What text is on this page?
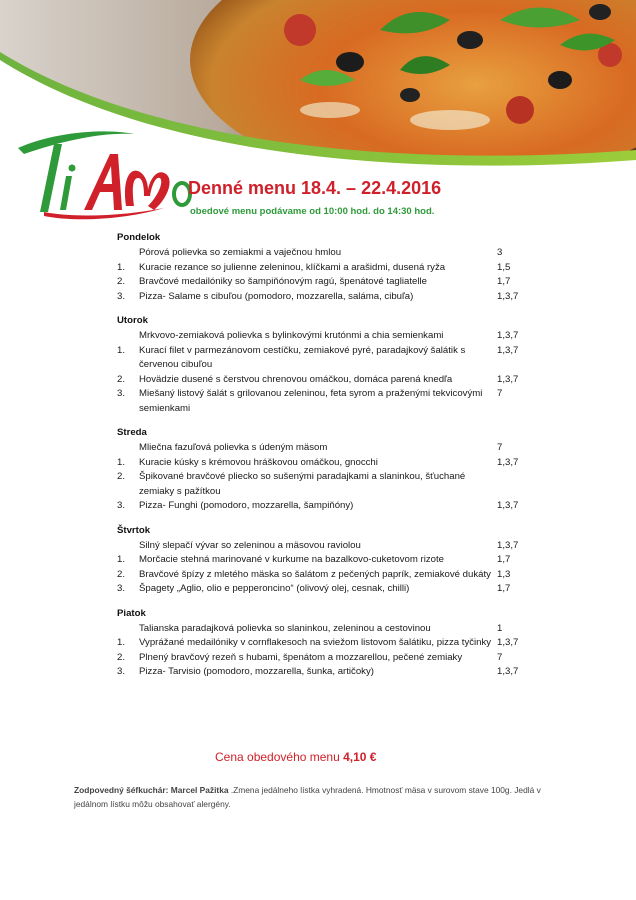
Denné menu 18.4. – 22.4.2016
obedové menu podávame od 10:00 hod. do 14:30 hod.
Pondelok
Pórová polievka so zemiakmi a vaječnou hmlou	3
1.	Kuracie rezance so julienne zeleninou, klíčkami a arašidmi, dusená ryža	1,5
2.	Bravčové medailóniky so šampiňónovým ragú, špenátové tagliatelle	1,7
3.	Pizza- Salame s cibuľou (pomodoro, mozzarella, saláma, cibuľa)	1,3,7
Utorok
Mrkvovo-zemiaková polievka s bylinkovými krutónmi a chia semienkami	1,3,7
1.	Kurací filet v parmezánovom cestíčku, zemiakové pyré, paradajkový šalátik s červenou cibuľou
1,3,7
2.	Hovädzie dusené s čerstvou chrenovou omáčkou, domáca parená knedľa	1,3,7
3.	Miešaný listový šalát s grilovanou zeleninou, feta syrom a praženými tekvicovými semienkami
7
Streda
Mliečna fazuľová polievka s údeným mäsom	7
1.	Kuracie kúsky s krémovou hráškovou omáčkou, gnocchi	1,3,7
2.	Špikované bravčové pliecko so sušenými paradajkami a slaninkou, šťuchané zemiaky s pažítkou
3.	Pizza- Funghi (pomodoro, mozzarella, šampiňóny)	1,3,7
Štvrtok
Silný slepačí vývar so zeleninou a mäsovou raviolou	1,3,7
1.	Morčacie stehná marinované v kurkume na bazalkovo-cuketovom rizote	1,7
2.	Bravčové špízy z mletého mäska so šalátom z pečených paprík, zemiakové dukáty 1,3
3.	Špagety „Aglio, olio e pepperoncino“ (olivový olej, cesnak, chilli)	1,7
Piatok
Talianska paradajková polievka so slaninkou, zeleninou a cestovinou	1
1.	Vyprážané medailóniky v cornflakesoch na sviežom listovom šalátiku, pizza tyčinky 1,3,7
2.	Plnený bravčový rezeň s hubami, špenátom a mozzarellou, pečené zemiaky	7
3.	Pizza- Tarvisio (pomodoro, mozzarella, šunka, artičoky)	1,3,7
Cena obedového menu 4,10 €
Zodpovedný šéfkuchár: Marcel Pažitka .Zmena jedálneho lístka vyhradená. Hmotnosť mäsa v surovom stave 100g. Jedlá v jedálnom lístku môžu obsahovať alergény.
